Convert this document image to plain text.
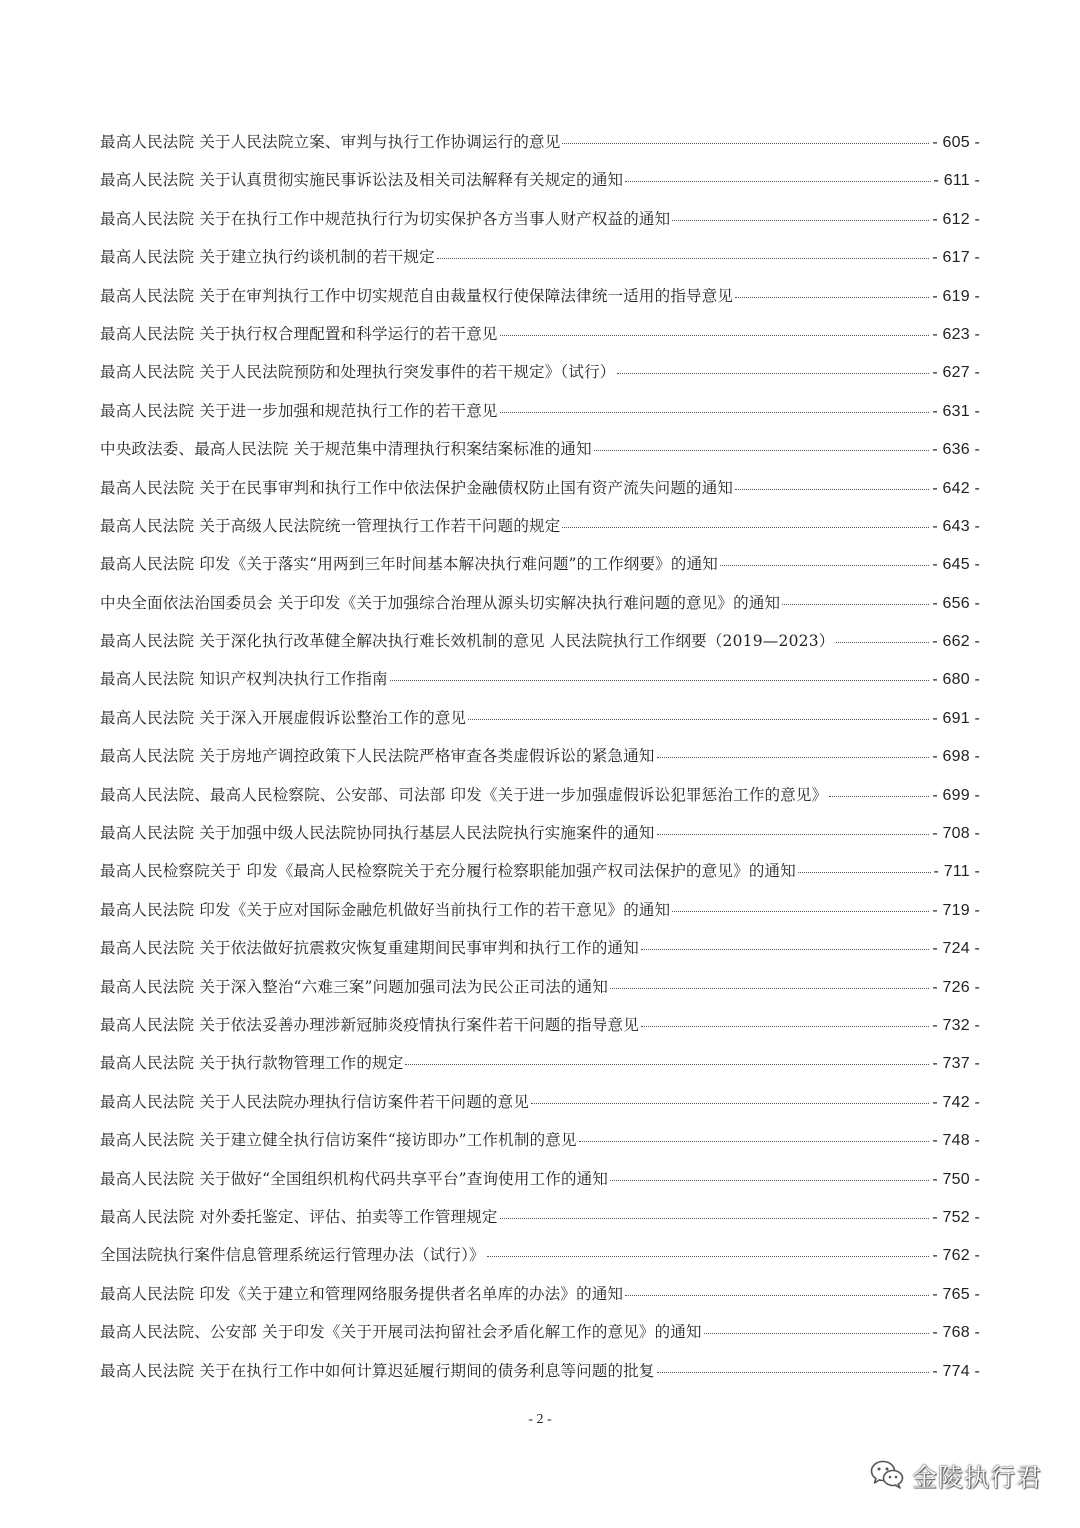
最高人民法院 关于人民法院立案、审判与执行工作协调运行的意见	- 605 -
最高人民法院 关于认真贯彻实施民事诉讼法及相关司法解释有关规定的通知	- 611 -
最高人民法院 关于在执行工作中规范执行行为切实保护各方当事人财产权益的通知	- 612 -
最高人民法院 关于建立执行约谈机制的若干规定	- 617 -
最高人民法院 关于在审判执行工作中切实规范自由裁量权行使保障法律统一适用的指导意见	- 619 -
最高人民法院 关于执行权合理配置和科学运行的若干意见	- 623 -
最高人民法院 关于人民法院预防和处理执行突发事件的若干规定》（试行）	- 627 -
最高人民法院 关于进一步加强和规范执行工作的若干意见	- 631 -
中央政法委、最高人民法院 关于规范集中清理执行积案结案标准的通知	- 636 -
最高人民法院 关于在民事审判和执行工作中依法保护金融债权防止国有资产流失问题的通知	- 642 -
最高人民法院 关于高级人民法院统一管理执行工作若干问题的规定	- 643 -
最高人民法院 印发《关于落实“用两到三年时间基本解决执行难问题”的工作纲要》的通知	- 645 -
中央全面依法治国委员会 关于印发《关于加强综合治理从源头切实解决执行难问题的意见》的通知	- 656 -
最高人民法院 关于深化执行改革健全解决执行难长效机制的意见 人民法院执行工作纲要（2019—2023）	- 662 -
最高人民法院 知识产权判决执行工作指南	- 680 -
最高人民法院 关于深入开展虚假诉讼整治工作的意见	- 691 -
最高人民法院 关于房地产调控政策下人民法院严格审查各类虚假诉讼的紧急通知	- 698 -
最高人民法院、最高人民检察院、公安部、司法部 印发《关于进一步加强虚假诉讼犯罪惩治工作的意见》	- 699 -
最高人民法院 关于加强中级人民法院协同执行基层人民法院执行实施案件的通知	- 708 -
最高人民检察院关于 印发《最高人民检察院关于充分履行检察职能加强产权司法保护的意见》的通知	- 711 -
最高人民法院 印发《关于应对国际金融危机做好当前执行工作的若干意见》的通知	- 719 -
最高人民法院 关于依法做好抗震救灾恢复重建期间民事审判和执行工作的通知	- 724 -
最高人民法院 关于深入整治“六难三案”问题加强司法为民公正司法的通知	- 726 -
最高人民法院 关于依法妥善办理涉新冠肺炎疫情执行案件若干问题的指导意见	- 732 -
最高人民法院 关于执行款物管理工作的规定	- 737 -
最高人民法院 关于人民法院办理执行信访案件若干问题的意见	- 742 -
最高人民法院 关于建立健全执行信访案件“接访即办”工作机制的意见	- 748 -
最高人民法院 关于做好“全国组织机构代码共享平台”查询使用工作的通知	- 750 -
最高人民法院 对外委托鉴定、评估、拍卖等工作管理规定	- 752 -
全国法院执行案件信息管理系统运行管理办法（试行）》	- 762 -
最高人民法院 印发《关于建立和管理网络服务提供者名单库的办法》的通知	- 765 -
最高人民法院、公安部 关于印发《关于开展司法拘留社会矛盾化解工作的意见》的通知	- 768 -
最高人民法院 关于在执行工作中如何计算迟延履行期间的债务利息等问题的批复	- 774 -
- 2 -
金陵执行君
